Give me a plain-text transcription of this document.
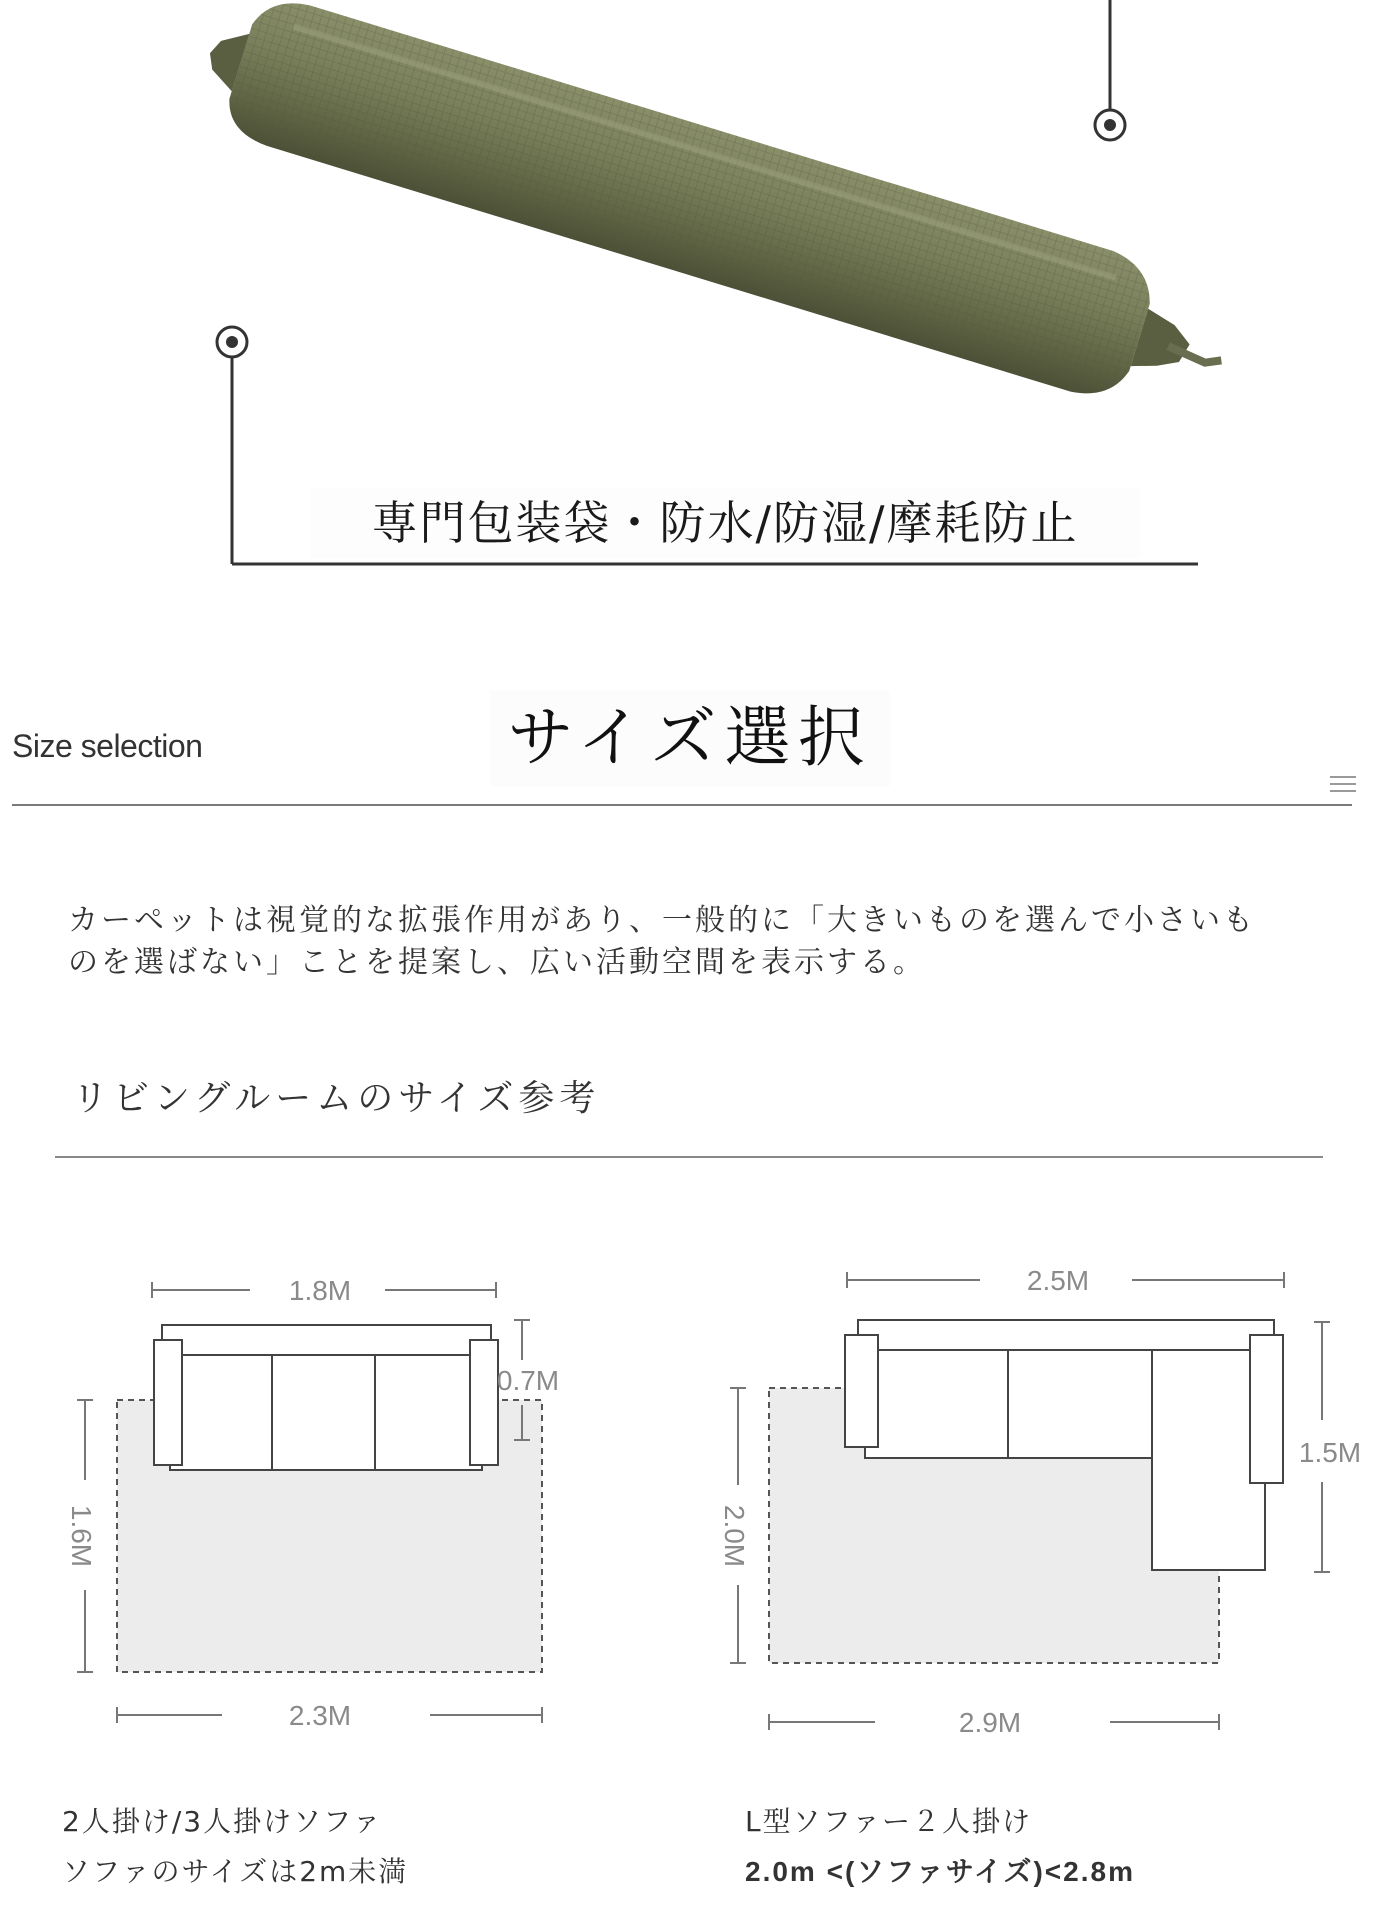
専門包装袋・防水/防湿/摩耗防止
Size selection	サイズ選択
カーペットは視覚的な拡張作用があり、一般的に「大きいものを選んで小さいも
のを選ばない」ことを提案し、広い活動空間を表示する。
リビングルームのサイズ参考
1.8M
0.7M
1.6M
2.3M
2.5M
1.5M
2.0M
2.9M
2人掛け/3人掛けソファ
ソファのサイズは2m未満
L型ソファー２人掛け
2.0m <(ソファサイズ)<2.8m
